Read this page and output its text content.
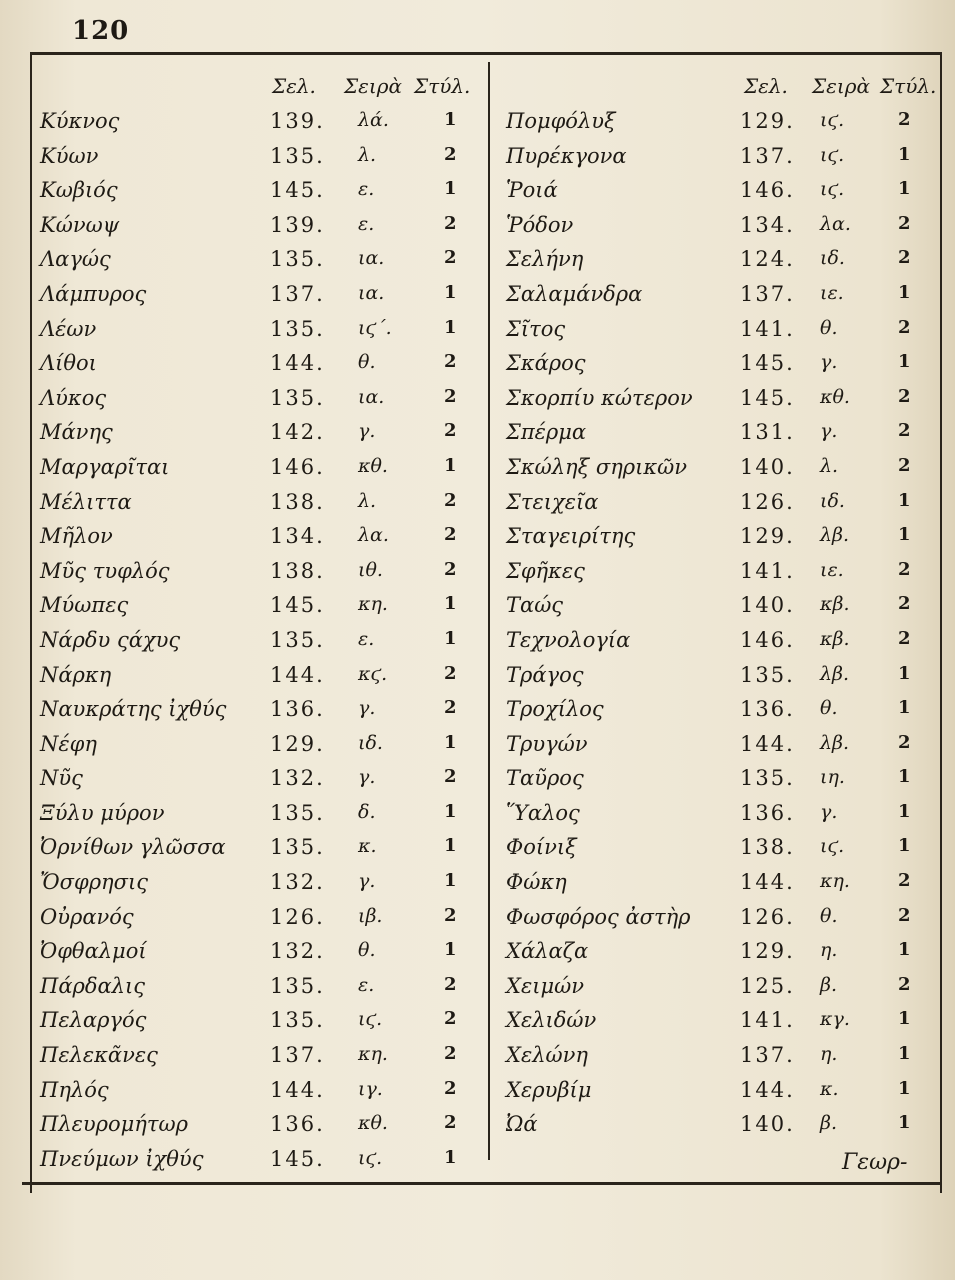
120
Σελ. Σειρὰ Στύλ.
Κύκνος	139. λά.	1
Κύων	135. λ.	2
Κωβιός	145. ε.	1
Κώνωψ	139. ε.	2
Λαγώς	135. ια.	2
Λάμπυρος	137. ια.	1
Λέων	135. ιϛ΄.	1
Λίθοι	144. θ.	2
Λύκος	135. ια.	2
Μάνης	142. γ.	2
Μαργαρῖται	146. κθ.	1
Μέλιττα	138. λ.	2
Μῆλον	134. λα.	2
Μῦς τυφλός	138. ιθ.	2
Μύωπες	145. κη.	1
Νάρδυ ςάχυς	135. ε.	1
Νάρκη	144. κϛ.	2
Ναυκράτης ἰχθύς 136. γ.	2
Νέφη	129. ιδ.	1
Νῦς	132. γ.	2
Ξύλυ μύρον	135. δ.	1
Ὀρνίθων γλῶσσα 135. κ.	1
Ὄσφρησις	132. γ.	1
Οὐρανός	126. ιβ.	2
Ὀφθαλμοί	132. θ.	1
Πάρδαλις	135. ε.	2
Πελαργός	135. ιϛ.	2
Πελεκᾶνες	137. κη.	2
Πηλός	144. ιγ.	2
Πλευρομήτωρ	136. κθ.	2
Πνεύμων ἰχθύς	145. ιϛ.	1
Σελ. Σειρὰ Στύλ.
Πομφόλυξ	129. ιϛ.	2
Πυρέκγονα	137. ιϛ.	1
Ῥοιά	146. ιϛ.	1
Ῥόδον	134. λα.	2
Σελήνη	124. ιδ.	2
Σαλαμάνδρα	137. ιε.	1
Σῖτος	141. θ.	2
Σκάρος	145. γ.	1
Σκορπίυ κώτερον 145. κθ.	2
Σπέρμα	131. γ.	2
Σκώληξ σηρικῶν	140. λ.	2
Στειχεῖα	126. ιδ.	1
Σταγειρίτης	129. λβ.	1
Σφῆκες	141. ιε.	2
Ταώς	140. κβ.	2
Τεχνολογία	146. κβ.	2
Τράγος	135. λβ.	1
Τροχίλος	136. θ.	1
Τρυγών	144. λβ.	2
Ταῦρος	135. ιη.	1
Ὕαλος	136. γ.	1
Φοίνιξ	138. ιϛ.	1
Φώκη	144. κη.	2
Φωσφόρος ἀστὴρ 126. θ.	2
Χάλαζα	129. η.	1
Χειμών	125. β.	2
Χελιδών	141. κγ.	1
Χελώνη	137. η.	1
Χερυβίμ	144. κ.	1
Ὠά	140. β.	1
Γεωρ-
